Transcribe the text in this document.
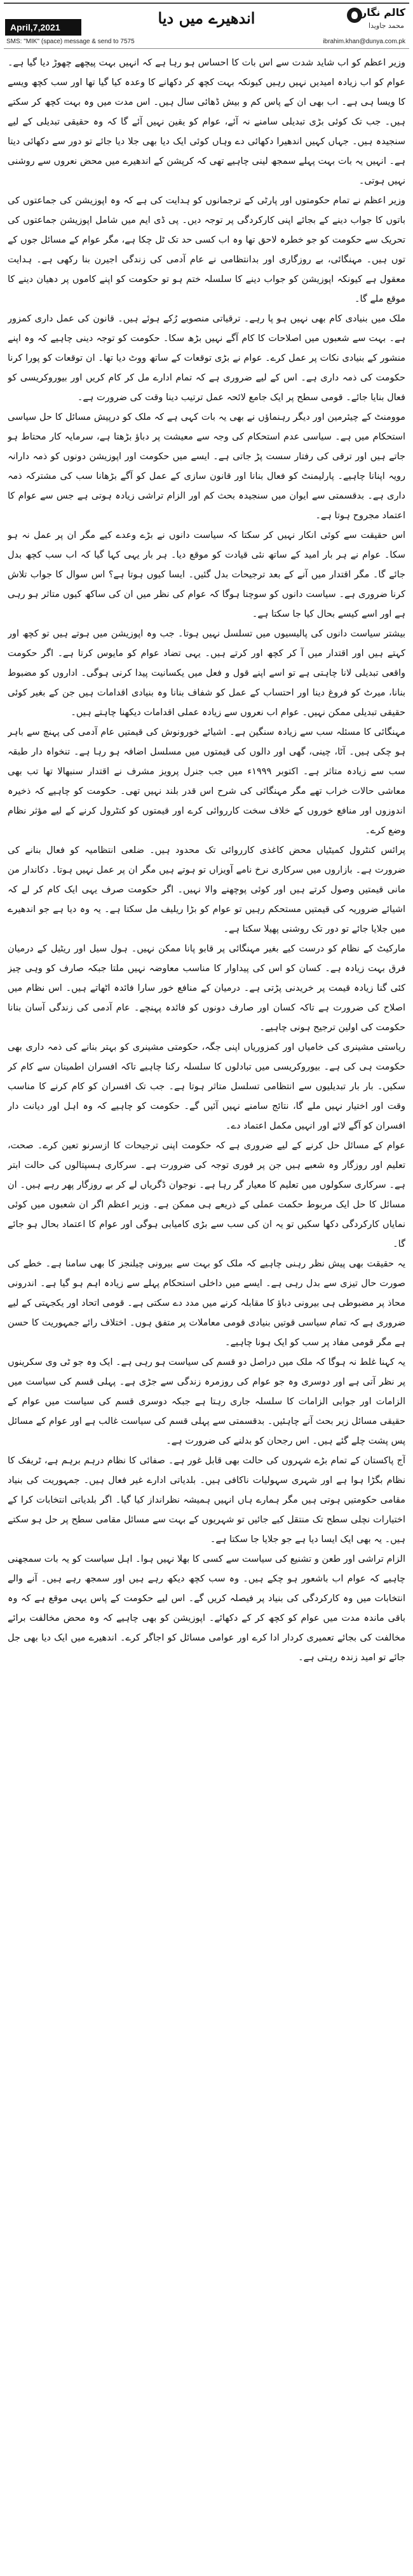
اندھیرے میں دیا	کالم نگار
محمد جاویدا
April,7,2021
SMS: "MIK" (space) message & send to 7575	ibrahim.khan@dunya.com.pk

وزیر اعظم کو اب شاید شدت سے اس بات کا احساس ہو رہا ہے کہ انہیں بہت پیچھے چھوڑ دیا گیا ہے۔ عوام کو اب زیادہ امیدیں نہیں رہیں کیونکہ بہت کچھ کر دکھانے کا وعدہ کیا گیا تھا اور سب کچھ ویسے کا ویسا ہی ہے۔ اب بھی ان کے پاس کم و بیش ڈھائی سال ہیں۔ اس مدت میں وہ بہت کچھ کر سکتے ہیں۔ جب تک کوئی بڑی تبدیلی سامنے نہ آئے، عوام کو یقین نہیں آئے گا کہ وہ حقیقی تبدیلی کے لیے سنجیدہ ہیں۔ جہاں کہیں اندھیرا دکھائی دے وہاں کوئی ایک دیا بھی جلا دیا جائے تو دور سے دکھائی دیتا ہے۔ انہیں یہ بات بہت پہلے سمجھ لینی چاہیے تھی کہ کرپشن کے اندھیرے میں محض نعروں سے روشنی نہیں ہوتی۔

وزیر اعظم نے تمام حکومتوں اور پارٹی کے ترجمانوں کو ہدایت کی ہے کہ وہ اپوزیشن کی جماعتوں کی باتوں کا جواب دینے کے بجائے اپنی کارکردگی پر توجہ دیں۔ پی ڈی ایم میں شامل اپوزیشن جماعتوں کی تحریک سے حکومت کو جو خطرہ لاحق تھا وہ اب کسی حد تک ٹل چکا ہے، مگر عوام کے مسائل جوں کے توں ہیں۔ مہنگائی، بے روزگاری اور بدانتظامی نے عام آدمی کی زندگی اجیرن بنا رکھی ہے۔ ہدایت معقول ہے کیونکہ اپوزیشن کو جواب دینے کا سلسلہ ختم ہو تو حکومت کو اپنے کاموں پر دھیان دینے کا موقع ملے گا۔

ملک میں بنیادی کام بھی نہیں ہو پا رہے۔ ترقیاتی منصوبے رُکے ہوئے ہیں۔ قانون کی عمل داری کمزور ہے۔ بہت سے شعبوں میں اصلاحات کا کام آگے نہیں بڑھ سکا۔ حکومت کو توجہ دینی چاہیے کہ وہ اپنے منشور کے بنیادی نکات پر عمل کرے۔ عوام نے بڑی توقعات کے ساتھ ووٹ دیا تھا۔ ان توقعات کو پورا کرنا حکومت کی ذمہ داری ہے۔ اس کے لیے ضروری ہے کہ تمام ادارے مل کر کام کریں اور بیوروکریسی کو فعال بنایا جائے۔ قومی سطح پر ایک جامع لائحہ عمل ترتیب دینا وقت کی ضرورت ہے۔

موومنٹ کے چیئرمین اور دیگر رہنماؤں نے بھی یہ بات کہی ہے کہ ملک کو درپیش مسائل کا حل سیاسی استحکام میں ہے۔ سیاسی عدم استحکام کی وجہ سے معیشت پر دباؤ بڑھتا ہے، سرمایہ کار محتاط ہو جاتے ہیں اور ترقی کی رفتار سست پڑ جاتی ہے۔ ایسے میں حکومت اور اپوزیشن دونوں کو ذمہ دارانہ رویہ اپنانا چاہیے۔ پارلیمنٹ کو فعال بنانا اور قانون سازی کے عمل کو آگے بڑھانا سب کی مشترکہ ذمہ داری ہے۔ بدقسمتی سے ایوان میں سنجیدہ بحث کم اور الزام تراشی زیادہ ہوتی ہے جس سے عوام کا اعتماد مجروح ہوتا ہے۔

اس حقیقت سے کوئی انکار نہیں کر سکتا کہ سیاست دانوں نے بڑے وعدے کیے مگر ان پر عمل نہ ہو سکا۔ عوام نے ہر بار امید کے ساتھ نئی قیادت کو موقع دیا۔ ہر بار یہی کہا گیا کہ اب سب کچھ بدل جائے گا۔ مگر اقتدار میں آنے کے بعد ترجیحات بدل گئیں۔ ایسا کیوں ہوتا ہے؟ اس سوال کا جواب تلاش کرنا ضروری ہے۔ سیاست دانوں کو سوچنا ہوگا کہ عوام کی نظر میں ان کی ساکھ کیوں متاثر ہو رہی ہے اور اسے کیسے بحال کیا جا سکتا ہے۔

بیشتر سیاست دانوں کی پالیسیوں میں تسلسل نہیں ہوتا۔ جب وہ اپوزیشن میں ہوتے ہیں تو کچھ اور کہتے ہیں اور اقتدار میں آ کر کچھ اور کرتے ہیں۔ یہی تضاد عوام کو مایوس کرتا ہے۔ اگر حکومت واقعی تبدیلی لانا چاہتی ہے تو اسے اپنے قول و فعل میں یکسانیت پیدا کرنی ہوگی۔ اداروں کو مضبوط بنانا، میرٹ کو فروغ دینا اور احتساب کے عمل کو شفاف بنانا وہ بنیادی اقدامات ہیں جن کے بغیر کوئی حقیقی تبدیلی ممکن نہیں۔ عوام اب نعروں سے زیادہ عملی اقدامات دیکھنا چاہتے ہیں۔

مہنگائی کا مسئلہ سب سے زیادہ سنگین ہے۔ اشیائے خورونوش کی قیمتیں عام آدمی کی پہنچ سے باہر ہو چکی ہیں۔ آٹا، چینی، گھی اور دالوں کی قیمتوں میں مسلسل اضافہ ہو رہا ہے۔ تنخواہ دار طبقہ سب سے زیادہ متاثر ہے۔ اکتوبر ۱۹۹۹ء میں جب جنرل پرویز مشرف نے اقتدار سنبھالا تھا تب بھی معاشی حالات خراب تھے مگر مہنگائی کی شرح اس قدر بلند نہیں تھی۔ حکومت کو چاہیے کہ ذخیرہ اندوزوں اور منافع خوروں کے خلاف سخت کارروائی کرے اور قیمتوں کو کنٹرول کرنے کے لیے مؤثر نظام وضع کرے۔

پرائس کنٹرول کمیٹیاں محض کاغذی کارروائی تک محدود ہیں۔ ضلعی انتظامیہ کو فعال بنانے کی ضرورت ہے۔ بازاروں میں سرکاری نرخ نامے آویزاں تو ہوتے ہیں مگر ان پر عمل نہیں ہوتا۔ دکاندار من مانی قیمتیں وصول کرتے ہیں اور کوئی پوچھنے والا نہیں۔ اگر حکومت صرف یہی ایک کام کر لے کہ اشیائے ضروریہ کی قیمتیں مستحکم رہیں تو عوام کو بڑا ریلیف مل سکتا ہے۔ یہ وہ دیا ہے جو اندھیرے میں جلایا جائے تو دور تک روشنی پھیلا سکتا ہے۔

مارکیٹ کے نظام کو درست کیے بغیر مہنگائی پر قابو پانا ممکن نہیں۔ ہول سیل اور ریٹیل کے درمیان فرق بہت زیادہ ہے۔ کسان کو اس کی پیداوار کا مناسب معاوضہ نہیں ملتا جبکہ صارف کو وہی چیز کئی گنا زیادہ قیمت پر خریدنی پڑتی ہے۔ درمیان کے منافع خور سارا فائدہ اٹھاتے ہیں۔ اس نظام میں اصلاح کی ضرورت ہے تاکہ کسان اور صارف دونوں کو فائدہ پہنچے۔ عام آدمی کی زندگی آسان بنانا حکومت کی اولین ترجیح ہونی چاہیے۔

ریاستی مشینری کی خامیاں اور کمزوریاں اپنی جگہ، حکومتی مشینری کو بہتر بنانے کی ذمہ داری بھی حکومت ہی کی ہے۔ بیوروکریسی میں تبادلوں کا سلسلہ رکنا چاہیے تاکہ افسران اطمینان سے کام کر سکیں۔ بار بار تبدیلیوں سے انتظامی تسلسل متاثر ہوتا ہے۔ جب تک افسران کو کام کرنے کا مناسب وقت اور اختیار نہیں ملے گا، نتائج سامنے نہیں آئیں گے۔ حکومت کو چاہیے کہ وہ اہل اور دیانت دار افسران کو آگے لائے اور انہیں مکمل اعتماد دے۔

عوام کے مسائل حل کرنے کے لیے ضروری ہے کہ حکومت اپنی ترجیحات کا ازسرنو تعین کرے۔ صحت، تعلیم اور روزگار وہ شعبے ہیں جن پر فوری توجہ کی ضرورت ہے۔ سرکاری ہسپتالوں کی حالت ابتر ہے۔ سرکاری سکولوں میں تعلیم کا معیار گر رہا ہے۔ نوجوان ڈگریاں لے کر بے روزگار پھر رہے ہیں۔ ان مسائل کا حل ایک مربوط حکمت عملی کے ذریعے ہی ممکن ہے۔ وزیر اعظم اگر ان شعبوں میں کوئی نمایاں کارکردگی دکھا سکیں تو یہ ان کی سب سے بڑی کامیابی ہوگی اور عوام کا اعتماد بحال ہو جائے گا۔

یہ حقیقت بھی پیش نظر رہنی چاہیے کہ ملک کو بہت سے بیرونی چیلنجز کا بھی سامنا ہے۔ خطے کی صورت حال تیزی سے بدل رہی ہے۔ ایسے میں داخلی استحکام پہلے سے زیادہ اہم ہو گیا ہے۔ اندرونی محاذ پر مضبوطی ہی بیرونی دباؤ کا مقابلہ کرنے میں مدد دے سکتی ہے۔ قومی اتحاد اور یکجہتی کے لیے ضروری ہے کہ تمام سیاسی قوتیں بنیادی قومی معاملات پر متفق ہوں۔ اختلاف رائے جمہوریت کا حسن ہے مگر قومی مفاد پر سب کو ایک ہونا چاہیے۔

یہ کہنا غلط نہ ہوگا کہ ملک میں دراصل دو قسم کی سیاست ہو رہی ہے۔ ایک وہ جو ٹی وی سکرینوں پر نظر آتی ہے اور دوسری وہ جو عوام کی روزمرہ زندگی سے جڑی ہے۔ پہلی قسم کی سیاست میں الزامات اور جوابی الزامات کا سلسلہ جاری رہتا ہے جبکہ دوسری قسم کی سیاست میں عوام کے حقیقی مسائل زیر بحث آنے چاہئیں۔ بدقسمتی سے پہلی قسم کی سیاست غالب ہے اور عوام کے مسائل پس پشت چلے گئے ہیں۔ اس رجحان کو بدلنے کی ضرورت ہے۔

آج پاکستان کے تمام بڑے شہروں کی حالت بھی قابل غور ہے۔ صفائی کا نظام درہم برہم ہے، ٹریفک کا نظام بگڑا ہوا ہے اور شہری سہولیات ناکافی ہیں۔ بلدیاتی ادارے غیر فعال ہیں۔ جمہوریت کی بنیاد مقامی حکومتیں ہوتی ہیں مگر ہمارے ہاں انہیں ہمیشہ نظرانداز کیا گیا۔ اگر بلدیاتی انتخابات کرا کے اختیارات نچلی سطح تک منتقل کیے جائیں تو شہریوں کے بہت سے مسائل مقامی سطح پر حل ہو سکتے ہیں۔ یہ بھی ایک ایسا دیا ہے جو جلایا جا سکتا ہے۔

الزام تراشی اور طعن و تشنیع کی سیاست سے کسی کا بھلا نہیں ہوا۔ اہل سیاست کو یہ بات سمجھنی چاہیے کہ عوام اب باشعور ہو چکے ہیں۔ وہ سب کچھ دیکھ رہے ہیں اور سمجھ رہے ہیں۔ آنے والے انتخابات میں وہ کارکردگی کی بنیاد پر فیصلہ کریں گے۔ اس لیے حکومت کے پاس یہی موقع ہے کہ وہ باقی ماندہ مدت میں عوام کو کچھ کر کے دکھائے۔ اپوزیشن کو بھی چاہیے کہ وہ محض مخالفت برائے مخالفت کی بجائے تعمیری کردار ادا کرے اور عوامی مسائل کو اجاگر کرے۔ اندھیرے میں ایک دیا بھی جل جائے تو امید زندہ رہتی ہے۔
